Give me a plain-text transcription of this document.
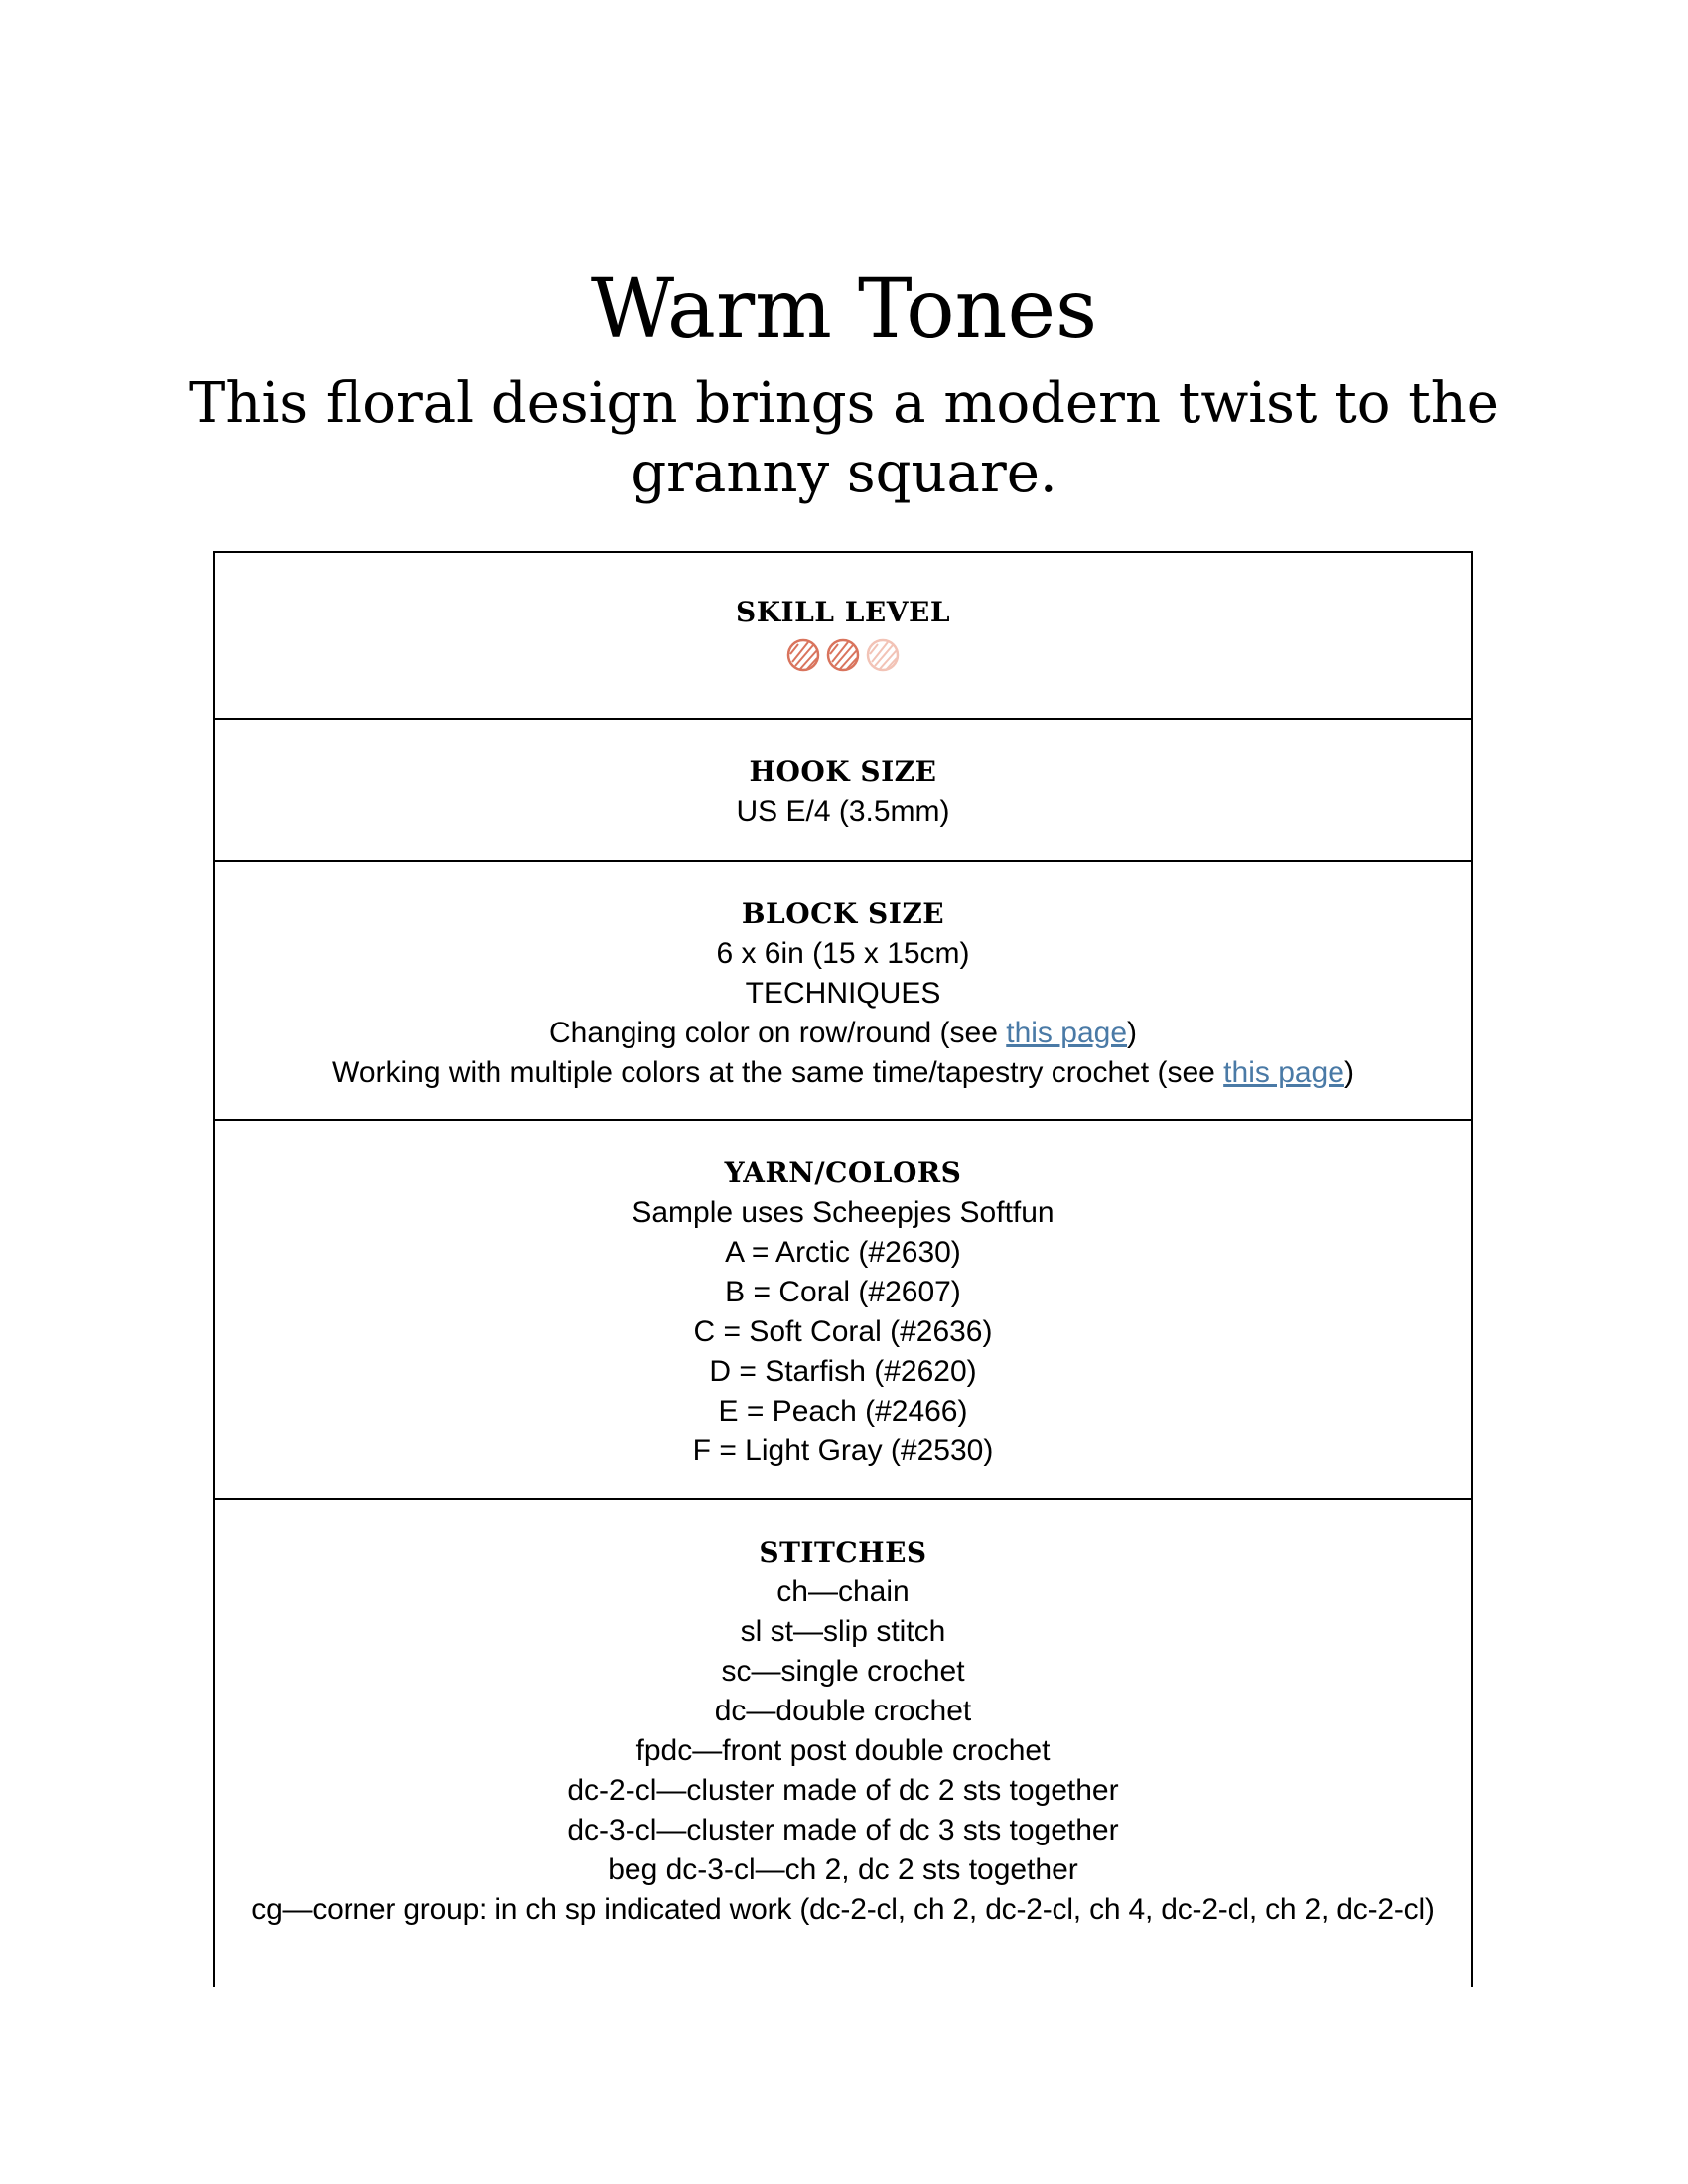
Warm Tones
This floral design brings a modern twist to the granny square.
SKILL LEVEL
HOOK SIZE
US E/4 (3.5mm)
BLOCK SIZE
6 x 6in (15 x 15cm)
TECHNIQUES
Changing color on row/round (see this page)
Working with multiple colors at the same time/tapestry crochet (see this page)
YARN/COLORS
Sample uses Scheepjes Softfun
A = Arctic (#2630)
B = Coral (#2607)
C = Soft Coral (#2636)
D = Starfish (#2620)
E = Peach (#2466)
F = Light Gray (#2530)
STITCHES
ch—chain
sl st—slip stitch
sc—single crochet
dc—double crochet
fpdc—front post double crochet
dc-2-cl—cluster made of dc 2 sts together
dc-3-cl—cluster made of dc 3 sts together
beg dc-3-cl—ch 2, dc 2 sts together
cg—corner group: in ch sp indicated work (dc-2-cl, ch 2, dc-2-cl, ch 4, dc-2-cl, ch 2, dc-2-cl)
